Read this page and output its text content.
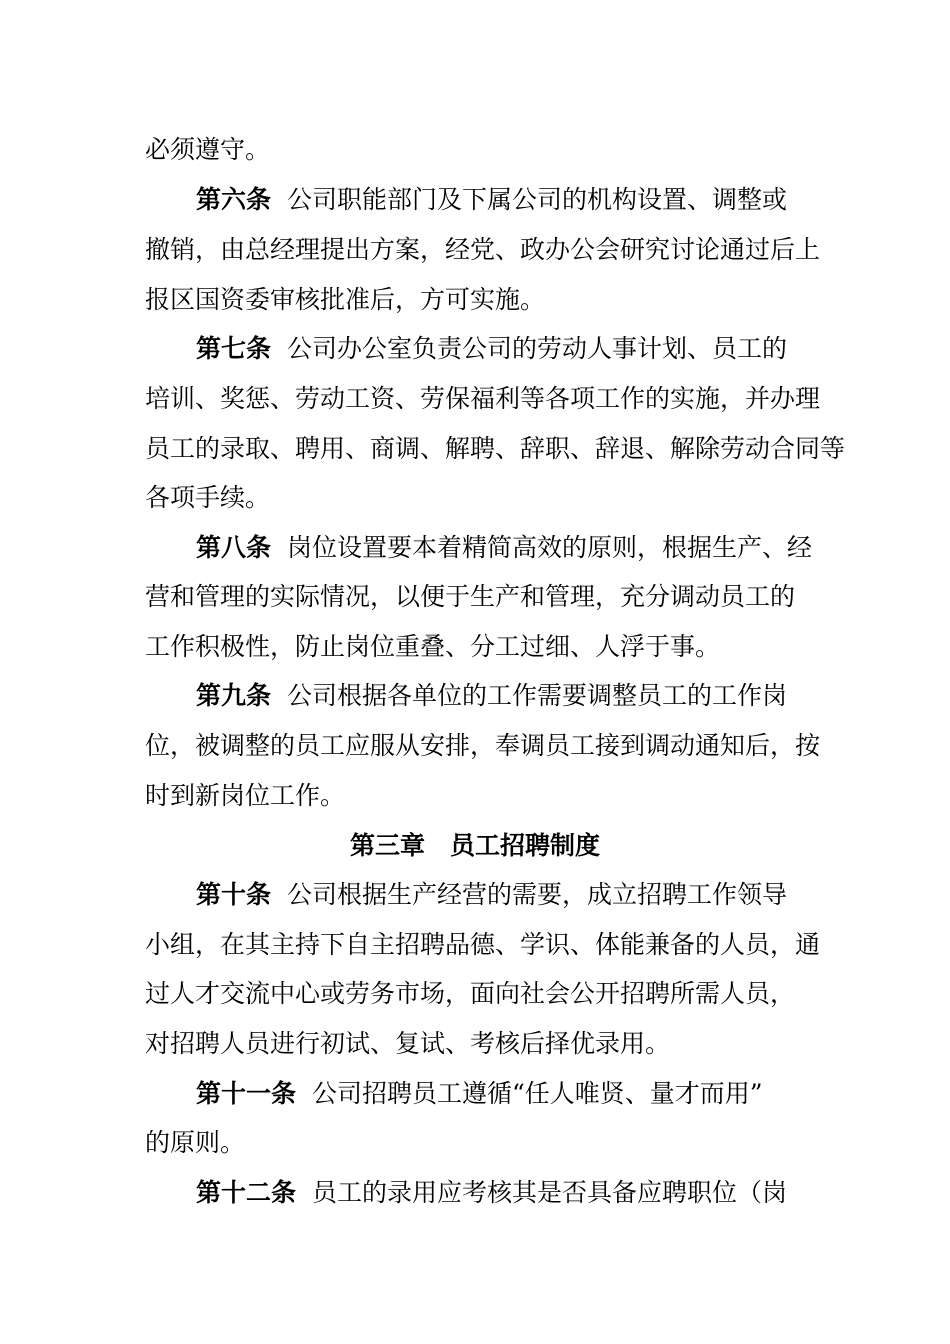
必须遵守。
第六条 公司职能部门及下属公司的机构设置、调整或
撤销，由总经理提出方案，经党、政办公会研究讨论通过后上
报区国资委审核批准后，方可实施。
第七条 公司办公室负责公司的劳动人事计划、员工的
培训、奖惩、劳动工资、劳保福利等各项工作的实施，并办理
员工的录取、聘用、商调、解聘、辞职、辞退、解除劳动合同等
各项手续。
第八条 岗位设置要本着精简高效的原则，根据生产、经
营和管理的实际情况，以便于生产和管理，充分调动员工的
工作积极性，防止岗位重叠、分工过细、人浮于事。
第九条 公司根据各单位的工作需要调整员工的工作岗
位，被调整的员工应服从安排，奉调员工接到调动通知后，按
时到新岗位工作。
第三章　员工招聘制度
第十条 公司根据生产经营的需要，成立招聘工作领导
小组，在其主持下自主招聘品德、学识、体能兼备的人员，通
过人才交流中心或劳务市场，面向社会公开招聘所需人员，
对招聘人员进行初试、复试、考核后择优录用。
第十一条 公司招聘员工遵循“任人唯贤、量才而用”
的原则。
第十二条 员工的录用应考核其是否具备应聘职位（岗
